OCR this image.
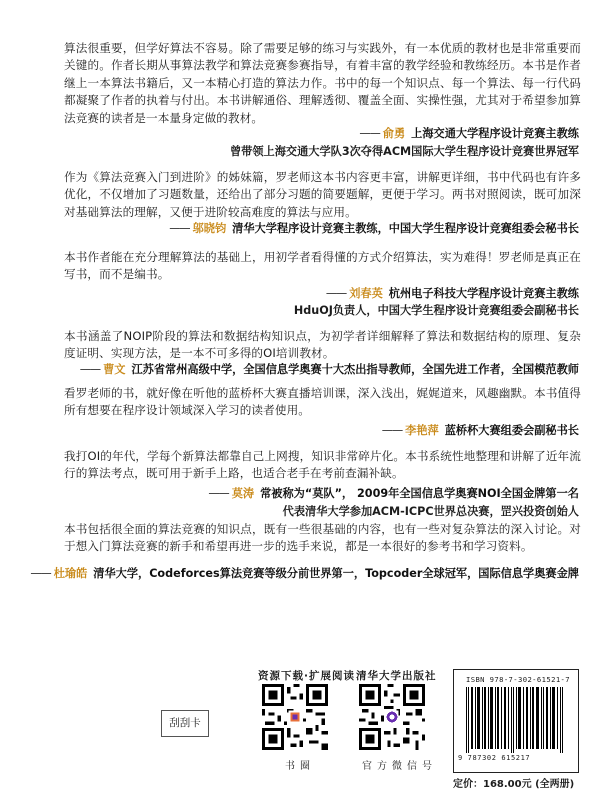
算法很重要，但学好算法不容易。除了需要足够的练习与实践外，有一本优质的教材也是非常重要而关键的。作者长期从事算法教学和算法竞赛参赛指导，有着丰富的教学经验和教练经历。本书是作者继上一本算法书籍后，又一本精心打造的算法力作。书中的每一个知识点、每一个算法、每一行代码都凝聚了作者的执着与付出。本书讲解通俗、理解透彻、覆盖全面、实操性强，尤其对于希望参加算法竞赛的读者是一本量身定做的教材。
—— 俞勇 上海交通大学程序设计竞赛主教练
曾带领上海交通大学队3次夺得ACM国际大学生程序设计竞赛世界冠军
作为《算法竞赛入门到进阶》的姊妹篇，罗老师这本书内容更丰富，讲解更详细，书中代码也有许多优化，不仅增加了习题数量，还给出了部分习题的简要题解，更便于学习。两书对照阅读，既可加深对基础算法的理解，又便于进阶较高难度的算法与应用。
—— 邬晓钧 清华大学程序设计竞赛主教练，中国大学生程序设计竞赛组委会秘书长
本书作者能在充分理解算法的基础上，用初学者看得懂的方式介绍算法，实为难得！罗老师是真正在写书，而不是编书。
—— 刘春英 杭州电子科技大学程序设计竞赛主教练
HduOJ负责人，中国大学生程序设计竞赛组委会副秘书长
本书涵盖了NOIP阶段的算法和数据结构知识点，为初学者详细解释了算法和数据结构的原理、复杂度证明、实现方法，是一本不可多得的OI培训教材。
—— 曹文 江苏省常州高级中学，全国信息学奥赛十大杰出指导教师，全国先进工作者，全国模范教师
看罗老师的书，就好像在听他的蓝桥杯大赛直播培训课，深入浅出，娓娓道来，风趣幽默。本书值得所有想要在程序设计领域深入学习的读者使用。
—— 李艳萍 蓝桥杯大赛组委会副秘书长
我打OI的年代，学每个新算法都靠自己上网搜，知识非常碎片化。本书系统性地整理和讲解了近年流行的算法考点，既可用于新手上路，也适合老手在考前查漏补缺。
—— 莫涛 常被称为“莫队”， 2009年全国信息学奥赛NOI全国金牌第一名
代表清华大学参加ACM-ICPC世界总决赛，罡兴投资创始人
本书包括很全面的算法竞赛的知识点，既有一些很基础的内容，也有一些对复杂算法的深入讨论。对于想入门算法竞赛的新手和希望再进一步的选手来说，都是一本很好的参考书和学习资料。
—— 杜瑜皓 清华大学，Codeforces算法竞赛等级分前世界第一，Topcoder全球冠军，国际信息学奥赛金牌
刮刮卡
资源下载·扩展阅读
书圈
清华大学出版社
官方微信号
ISBN 978-7-302-61521-7
9 787302 615217
定价：168.00元 (全两册)
